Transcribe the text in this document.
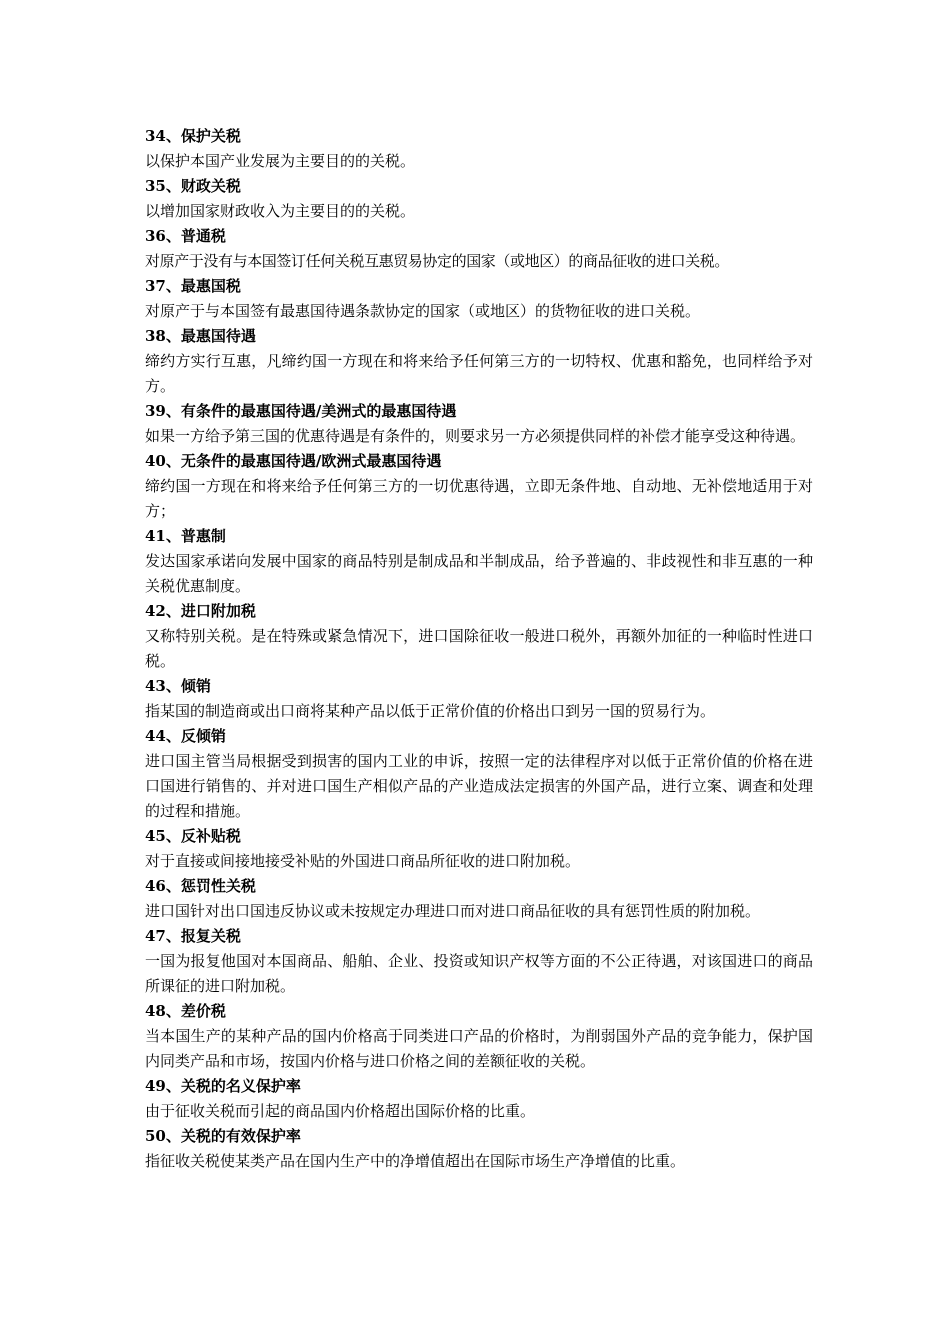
34、保护关税
以保护本国产业发展为主要目的的关税。
35、财政关税
以增加国家财政收入为主要目的的关税。
36、普通税
对原产于没有与本国签订任何关税互惠贸易协定的国家（或地区）的商品征收的进口关税。
37、最惠国税
对原产于与本国签有最惠国待遇条款协定的国家（或地区）的货物征收的进口关税。
38、最惠国待遇
缔约方实行互惠，凡缔约国一方现在和将来给予任何第三方的一切特权、优惠和豁免，也同样给予对方。
39、有条件的最惠国待遇/美洲式的最惠国待遇
如果一方给予第三国的优惠待遇是有条件的，则要求另一方必须提供同样的补偿才能享受这种待遇。
40、无条件的最惠国待遇/欧洲式最惠国待遇
缔约国一方现在和将来给予任何第三方的一切优惠待遇，立即无条件地、自动地、无补偿地适用于对方；
41、普惠制
发达国家承诺向发展中国家的商品特别是制成品和半制成品，给予普遍的、非歧视性和非互惠的一种关税优惠制度。
42、进口附加税
又称特别关税。是在特殊或紧急情况下，进口国除征收一般进口税外，再额外加征的一种临时性进口税。
43、倾销
指某国的制造商或出口商将某种产品以低于正常价值的价格出口到另一国的贸易行为。
44、反倾销
进口国主管当局根据受到损害的国内工业的申诉，按照一定的法律程序对以低于正常价值的价格在进口国进行销售的、并对进口国生产相似产品的产业造成法定损害的外国产品，进行立案、调查和处理的过程和措施。
45、反补贴税
对于直接或间接地接受补贴的外国进口商品所征收的进口附加税。
46、惩罚性关税
进口国针对出口国违反协议或未按规定办理进口而对进口商品征收的具有惩罚性质的附加税。
47、报复关税
一国为报复他国对本国商品、船舶、企业、投资或知识产权等方面的不公正待遇，对该国进口的商品所课征的进口附加税。
48、差价税
当本国生产的某种产品的国内价格高于同类进口产品的价格时，为削弱国外产品的竞争能力，保护国内同类产品和市场，按国内价格与进口价格之间的差额征收的关税。
49、关税的名义保护率
由于征收关税而引起的商品国内价格超出国际价格的比重。
50、关税的有效保护率
指征收关税使某类产品在国内生产中的净增值超出在国际市场生产净增值的比重。
